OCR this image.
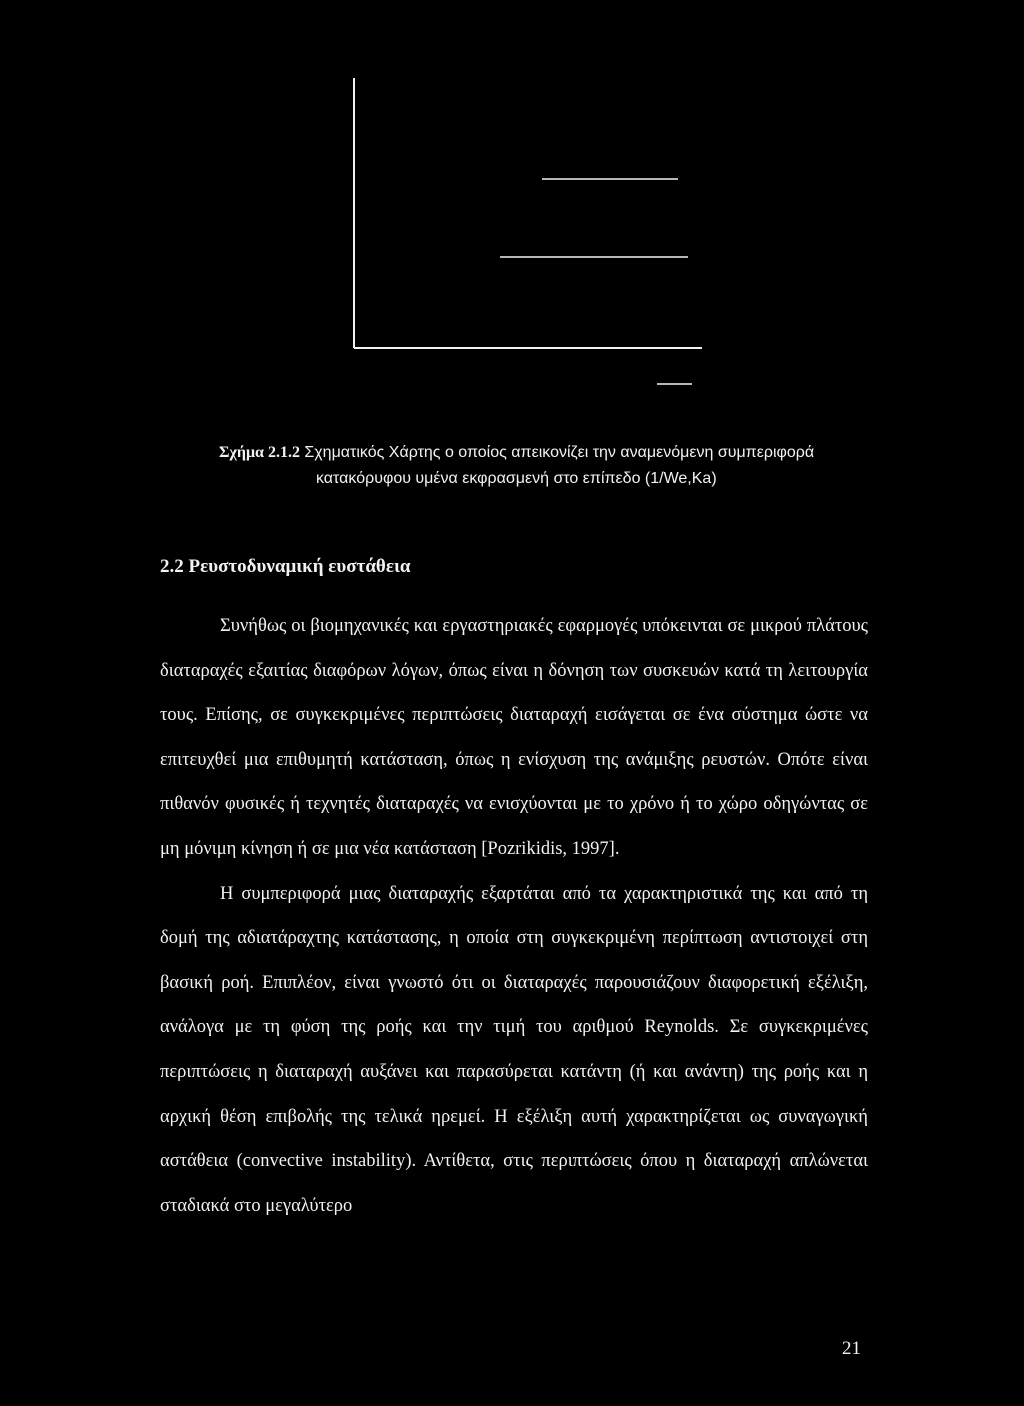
Σχήμα 2.1.2 Σχηματικός Χάρτης ο οποίος απεικονίζει την αναμενόμενη συμπεριφορά
κατακόρυφου υμένα εκφρασμενή στο επίπεδο (1/We,Ka)
2.2 Ρευστοδυναμική ευστάθεια

Συνήθως οι βιομηχανικές και εργαστηριακές εφαρμογές υπόκεινται σε μικρού πλάτους διαταραχές εξαιτίας διαφόρων λόγων, όπως είναι η δόνηση των συσκευών κατά τη λειτουργία τους. Επίσης, σε συγκεκριμένες περιπτώσεις διαταραχή εισάγεται σε ένα σύστημα ώστε να επιτευχθεί μια επιθυμητή κατάσταση, όπως η ενίσχυση της ανάμιξης ρευστών. Οπότε είναι πιθανόν φυσικές ή τεχνητές διαταραχές να ενισχύονται με το χρόνο ή το χώρο οδηγώντας σε μη μόνιμη κίνηση ή σε μια νέα κατάσταση [Pozrikidis, 1997].

Η συμπεριφορά μιας διαταραχής εξαρτάται από τα χαρακτηριστικά της και από τη δομή της αδιατάραχτης κατάστασης, η οποία στη συγκεκριμένη περίπτωση αντιστοιχεί στη βασική ροή. Επιπλέον, είναι γνωστό ότι οι διαταραχές παρουσιάζουν διαφορετική εξέλιξη, ανάλογα με τη φύση της ροής και την τιμή του αριθμού Reynolds. Σε συγκεκριμένες περιπτώσεις η διαταραχή αυξάνει και παρασύρεται κατάντη (ή και ανάντη) της ροής και η αρχική θέση επιβολής της τελικά ηρεμεί. Η εξέλιξη αυτή χαρακτηρίζεται ως συναγωγική αστάθεια (convective instability). Αντίθετα, στις περιπτώσεις όπου η διαταραχή απλώνεται σταδιακά στο μεγαλύτερο

21
